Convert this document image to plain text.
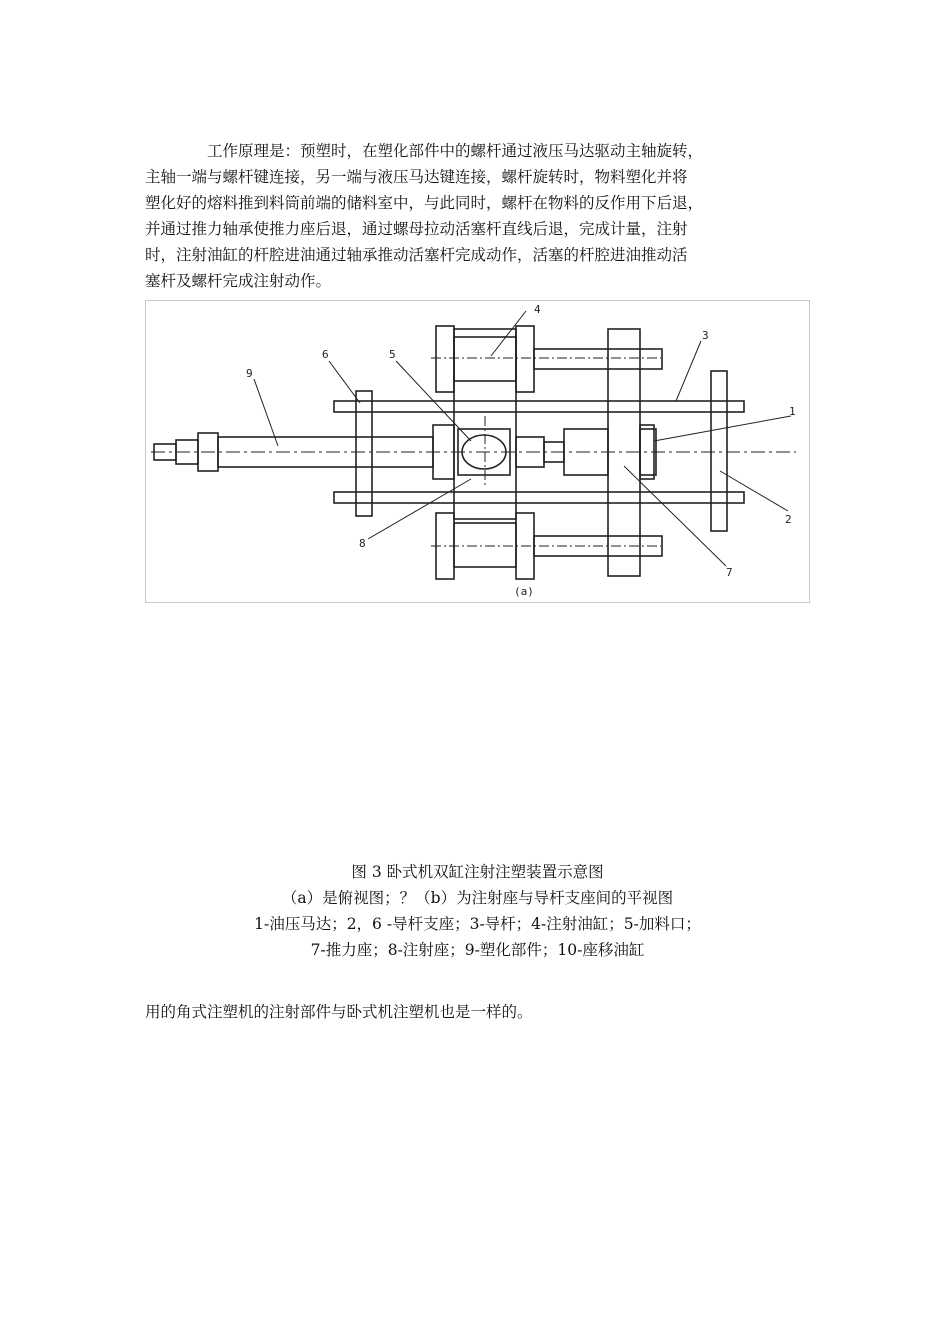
工作原理是：预塑时，在塑化部件中的螺杆通过液压马达驱动主轴旋转，
主轴一端与螺杆键连接，另一端与液压马达键连接，螺杆旋转时，物料塑化并将
塑化好的熔料推到料筒前端的储料室中，与此同时，螺杆在物料的反作用下后退，
并通过推力轴承使推力座后退，通过螺母拉动活塞杆直线后退，完成计量，注射
时，注射油缸的杆腔进油通过轴承推动活塞杆完成动作，活塞的杆腔进油推动活
塞杆及螺杆完成注射动作。

4
3
6	5
9
1
2
7
8
(a)

图 3 卧式机双缸注射注塑装置示意图

（a）是俯视图；？（b）为注射座与导杆支座间的平视图

1-油压马达；2，6 -导杆支座；3-导杆；4-注射油缸；5-加料口；

7-推力座；8-注射座；9-塑化部件；10-座移油缸

用的角式注塑机的注射部件与卧式机注塑机也是一样的。
